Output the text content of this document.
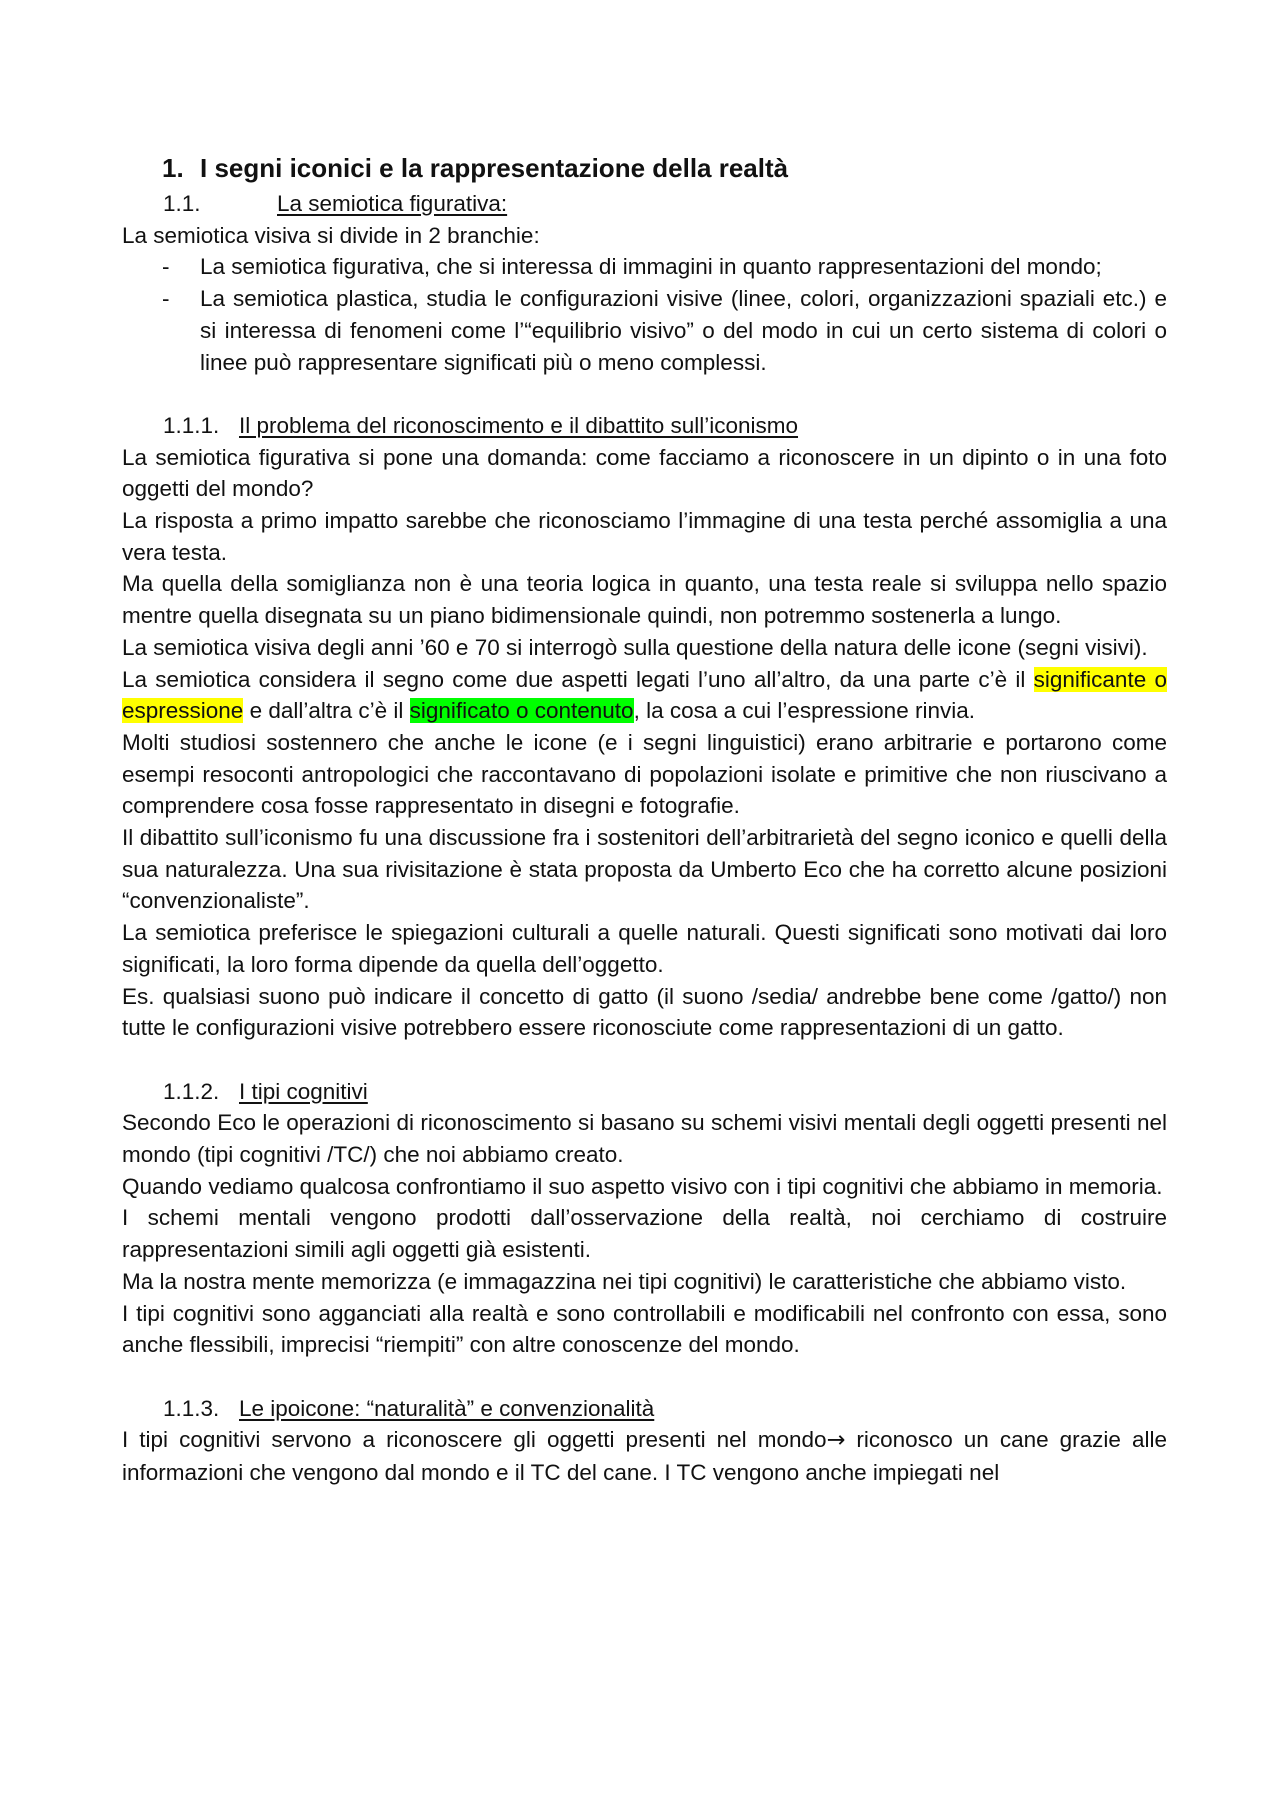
1. I segni iconici e la rappresentazione della realtà
1.1.	La semiotica figurativa:

La semiotica visiva si divide in 2 branchie:

- La semiotica figurativa, che si interessa di immagini in quanto rappresentazioni del mondo;
- La semiotica plastica, studia le configurazioni visive (linee, colori, organizzazioni spaziali etc.) e si interessa di fenomeni come l’“equilibrio visivo” o del modo in cui un certo sistema di colori o linee può rappresentare significati più o meno complessi.
1.1.1. Il problema del riconoscimento e il dibattito sull’iconismo

La semiotica figurativa si pone una domanda: come facciamo a riconoscere in un dipinto o in una foto oggetti del mondo?

La risposta a primo impatto sarebbe che riconosciamo l’immagine di una testa perché assomiglia a una vera testa.

Ma quella della somiglianza non è una teoria logica in quanto, una testa reale si sviluppa nello spazio mentre quella disegnata su un piano bidimensionale quindi, non potremmo sostenerla a lungo.

La semiotica visiva degli anni ’60 e 70 si interrogò sulla questione della natura delle icone (segni visivi).

La semiotica considera il segno come due aspetti legati l’uno all’altro, da una parte c’è il significante o espressione e dall’altra c’è il significato o contenuto, la cosa a cui l’espressione rinvia.

Molti studiosi sostennero che anche le icone (e i segni linguistici) erano arbitrarie e portarono come esempi resoconti antropologici che raccontavano di popolazioni isolate e primitive che non riuscivano a comprendere cosa fosse rappresentato in disegni e fotografie.

Il dibattito sull’iconismo fu una discussione fra i sostenitori dell’arbitrarietà del segno iconico e quelli della sua naturalezza. Una sua rivisitazione è stata proposta da Umberto Eco che ha corretto alcune posizioni “convenzionaliste”.

La semiotica preferisce le spiegazioni culturali a quelle naturali. Questi significati sono motivati dai loro significati, la loro forma dipende da quella dell’oggetto.

Es. qualsiasi suono può indicare il concetto di gatto (il suono /sedia/ andrebbe bene come /gatto/) non tutte le configurazioni visive potrebbero essere riconosciute come rappresentazioni di un gatto.

1.1.2. I tipi cognitivi

Secondo Eco le operazioni di riconoscimento si basano su schemi visivi mentali degli oggetti presenti nel mondo (tipi cognitivi /TC/) che noi abbiamo creato.

Quando vediamo qualcosa confrontiamo il suo aspetto visivo con i tipi cognitivi che abbiamo in memoria.

I schemi mentali vengono prodotti dall’osservazione della realtà, noi cerchiamo di costruire rappresentazioni simili agli oggetti già esistenti.

Ma la nostra mente memorizza (e immagazzina nei tipi cognitivi) le caratteristiche che abbiamo visto.

I tipi cognitivi sono agganciati alla realtà e sono controllabili e modificabili nel confronto con essa, sono anche flessibili, imprecisi “riempiti” con altre conoscenze del mondo.

1.1.3. Le ipoicone: “naturalità” e convenzionalità

I tipi cognitivi servono a riconoscere gli oggetti presenti nel mondo→ riconosco un cane grazie alle informazioni che vengono dal mondo e il TC del cane. I TC vengono anche impiegati nel
